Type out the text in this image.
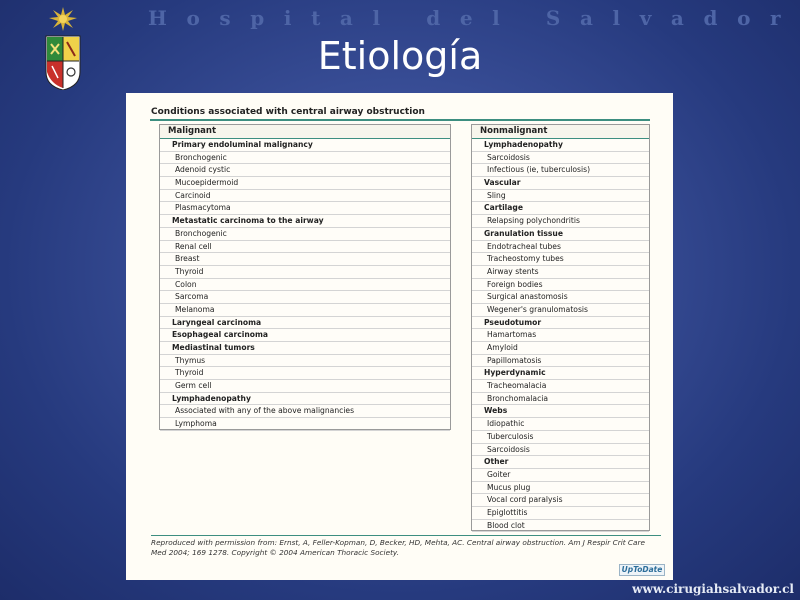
Hospital del Salvador
Etiología
Conditions associated with central airway obstruction
Malignant
Primary endoluminal malignancy
Bronchogenic
Adenoid cystic
Mucoepidermoid
Carcinoid
Plasmacytoma
Metastatic carcinoma to the airway
Bronchogenic
Renal cell
Breast
Thyroid
Colon
Sarcoma
Melanoma
Laryngeal carcinoma
Esophageal carcinoma
Mediastinal tumors
Thymus
Thyroid
Germ cell
Lymphadenopathy
Associated with any of the above malignancies
Lymphoma
Nonmalignant
Lymphadenopathy
Sarcoidosis
Infectious (ie, tuberculosis)
Vascular
Sling
Cartilage
Relapsing polychondritis
Granulation tissue
Endotracheal tubes
Tracheostomy tubes
Airway stents
Foreign bodies
Surgical anastomosis
Wegener's granulomatosis
Pseudotumor
Hamartomas
Amyloid
Papillomatosis
Hyperdynamic
Tracheomalacia
Bronchomalacia
Webs
Idiopathic
Tuberculosis
Sarcoidosis
Other
Goiter
Mucus plug
Vocal cord paralysis
Epiglottitis
Blood clot
Reproduced with permission from: Ernst, A, Feller-Kopman, D, Becker, HD, Mehta, AC. Central airway obstruction. Am J Respir Crit Care Med 2004; 169 1278. Copyright © 2004 American Thoracic Society.
UpToDate
www.cirugiahsalvador.cl
